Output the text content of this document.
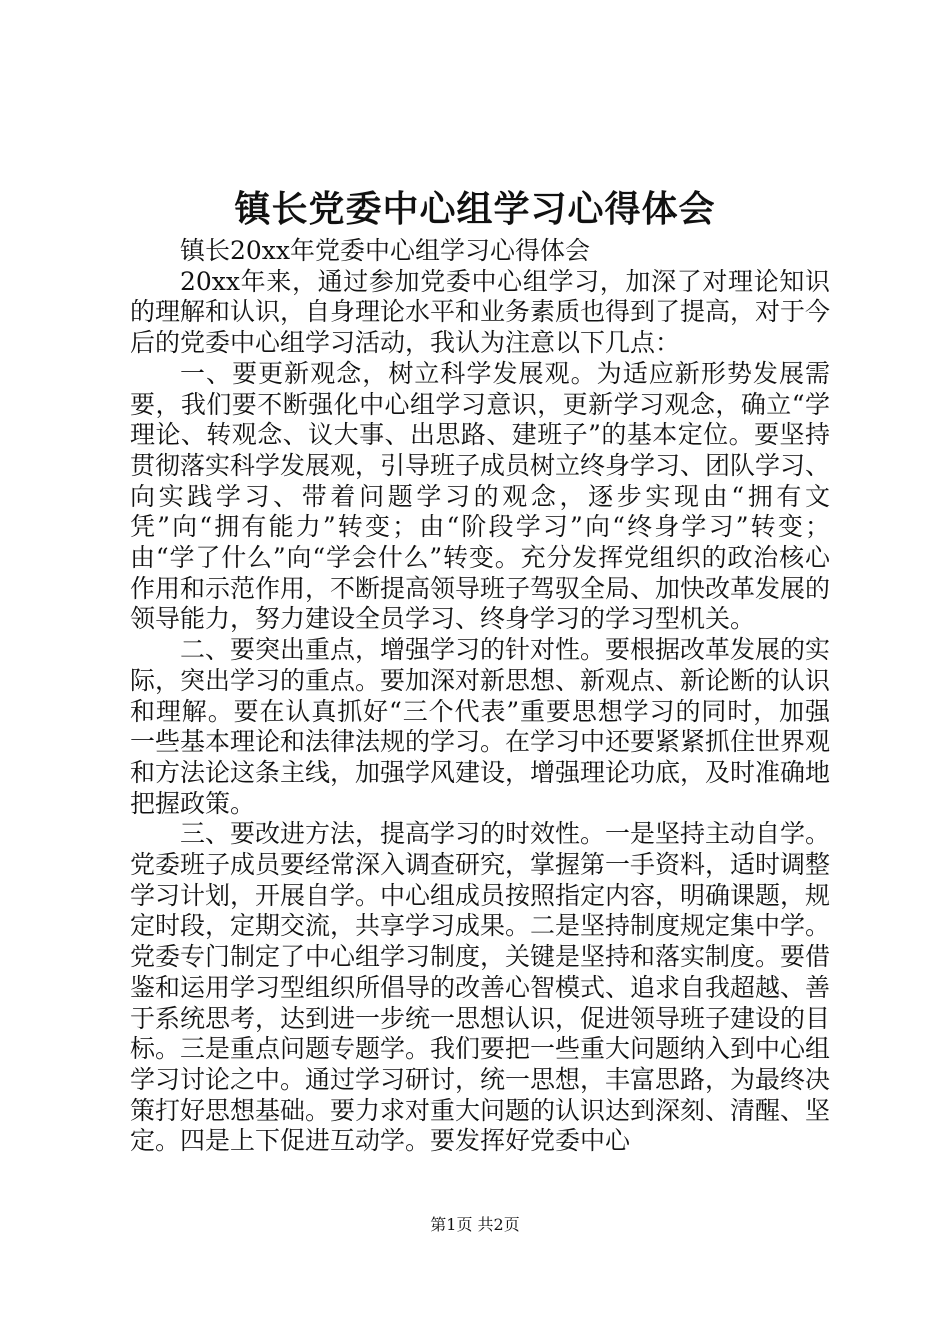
镇长党委中心组学习心得体会

镇长20xx年党委中心组学习心得体会

20xx年来，通过参加党委中心组学习，加深了对理论知识的理解和认识，自身理论水平和业务素质也得到了提高，对于今后的党委中心组学习活动，我认为注意以下几点：

一、要更新观念，树立科学发展观。为适应新形势发展需要，我们要不断强化中心组学习意识，更新学习观念，确立“学理论、转观念、议大事、出思路、建班子”的基本定位。要坚持贯彻落实科学发展观，引导班子成员树立终身学习、团队学习、向实践学习、带着问题学习的观念，逐步实现由“拥有文凭”向“拥有能力”转变；由“阶段学习”向“终身学习”转变；由“学了什么”向“学会什么”转变。充分发挥党组织的政治核心作用和示范作用，不断提高领导班子驾驭全局、加快改革发展的领导能力，努力建设全员学习、终身学习的学习型机关。

二、要突出重点，增强学习的针对性。要根据改革发展的实际，突出学习的重点。要加深对新思想、新观点、新论断的认识和理解。要在认真抓好“三个代表”重要思想学习的同时，加强一些基本理论和法律法规的学习。在学习中还要紧紧抓住世界观和方法论这条主线，加强学风建设，增强理论功底，及时准确地把握政策。

三、要改进方法，提高学习的时效性。一是坚持主动自学。党委班子成员要经常深入调查研究，掌握第一手资料，适时调整学习计划，开展自学。中心组成员按照指定内容，明确课题，规定时段，定期交流，共享学习成果。二是坚持制度规定集中学。党委专门制定了中心组学习制度，关键是坚持和落实制度。要借鉴和运用学习型组织所倡导的改善心智模式、追求自我超越、善于系统思考，达到进一步统一思想认识，促进领导班子建设的目标。三是重点问题专题学。我们要把一些重大问题纳入到中心组学习讨论之中。通过学习研讨，统一思想，丰富思路，为最终决策打好思想基础。要力求对重大问题的认识达到深刻、清醒、坚定。四是上下促进互动学。要发挥好党委中心

第1页 共2页
